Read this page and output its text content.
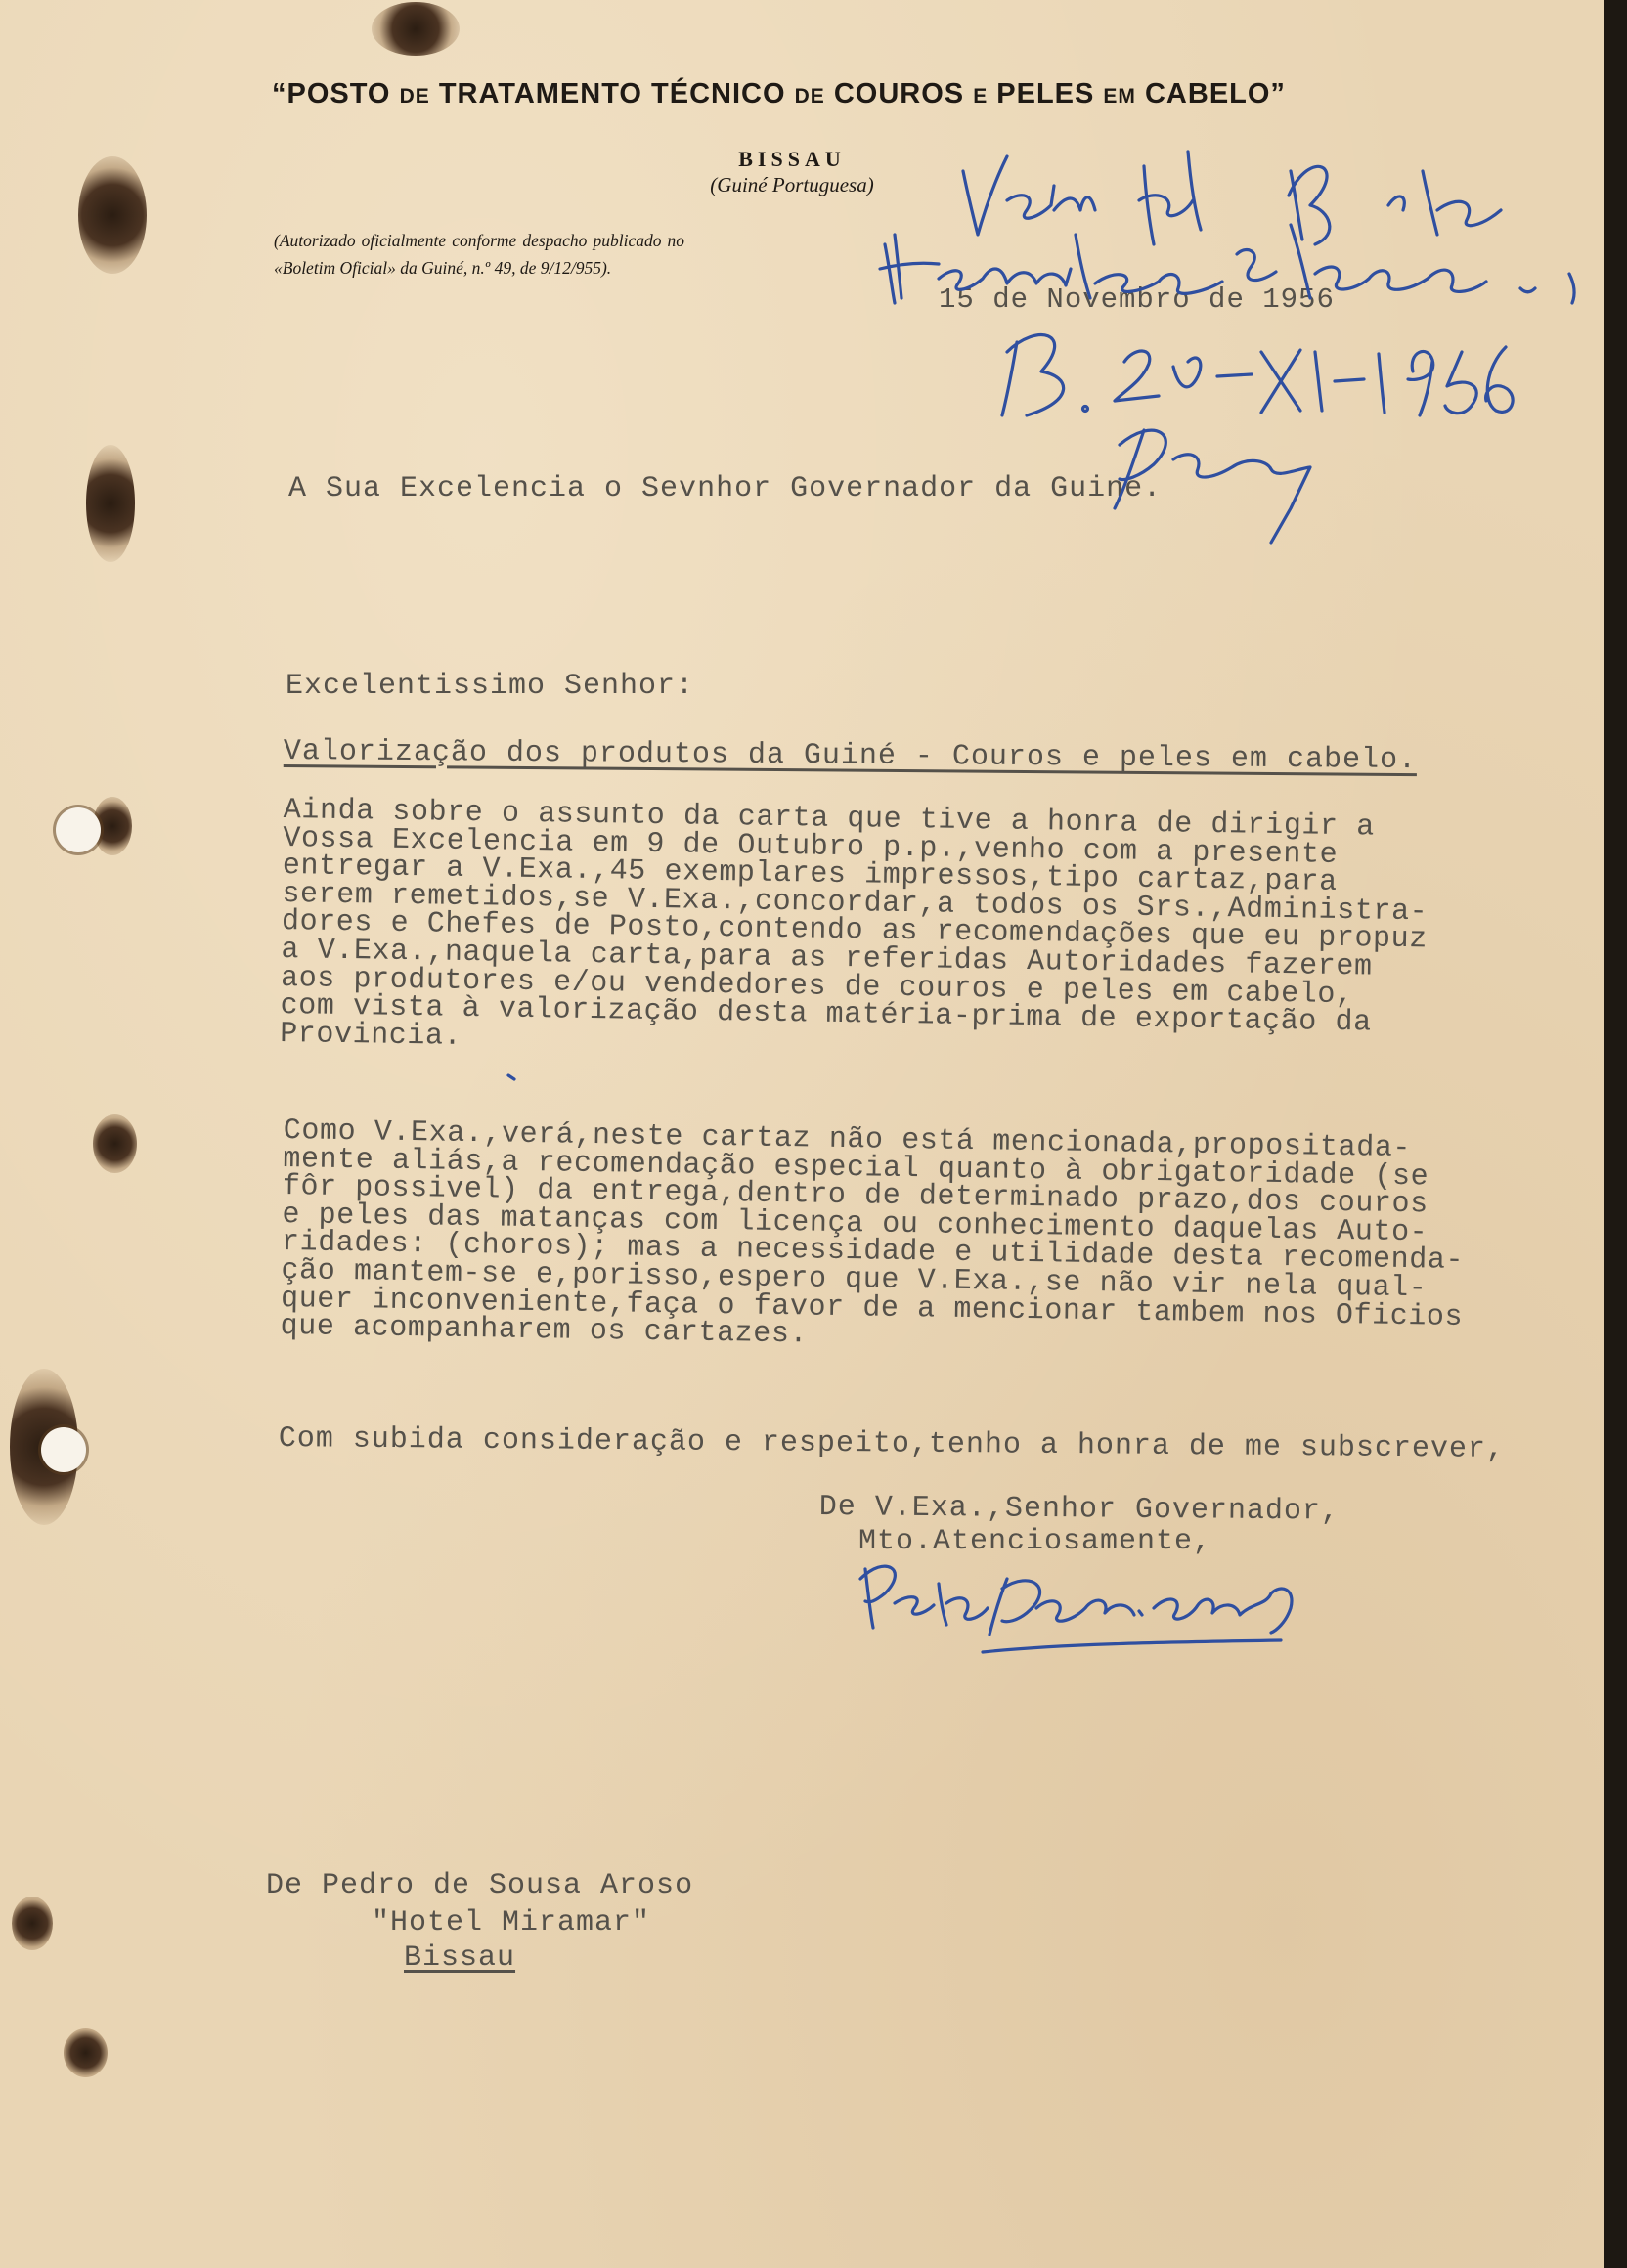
“POSTO DE TRATAMENTO TÉCNICO DE COUROS E PELES EM CABELO”
BISSAU
(Guiné Portuguesa)
(Autorizado oficialmente conforme despacho publicado no «Boletim Oficial» da Guiné, n.º 49, de 9/12/955).
15 de Novembro de 1956
A Sua Excelencia o Sevnhor Governador da Guiné.
Excelentissimo Senhor:
Valorização dos produtos da Guiné - Couros e peles em cabelo.
Ainda sobre o assunto da carta que tive a honra de dirigir a
Vossa Excelencia em 9 de Outubro p.p.,venho com a presente
entregar a V.Exa.,45 exemplares impressos,tipo cartaz,para
serem remetidos,se V.Exa.,concordar,a todos os Srs.,Administra-
dores e Chefes de Posto,contendo as recomendações que eu propuz
a V.Exa.,naquela carta,para as referidas Autoridades fazerem
aos produtores e/ou vendedores de couros e peles em cabelo,
com vista à valorização desta matéria-prima de exportação da
Provincia.
Como V.Exa.,verá,neste cartaz não está mencionada,propositada-
mente aliás,a recomendação especial quanto à obrigatoridade (se
fôr possivel) da entrega,dentro de determinado prazo,dos couros
e peles das matanças com licença ou conhecimento daquelas Auto-
ridades: (choros); mas a necessidade e utilidade desta recomenda-
ção mantem-se e,porisso,espero que V.Exa.,se não vir nela qual-
quer inconveniente,faça o favor de a mencionar tambem nos Oficios
que acompanharem os cartazes.
Com subida consideração e respeito,tenho a honra de me subscrever,
De V.Exa.,Senhor Governador,
Mto.Atenciosamente,
De Pedro de Sousa Aroso
"Hotel Miramar"
Bissau
